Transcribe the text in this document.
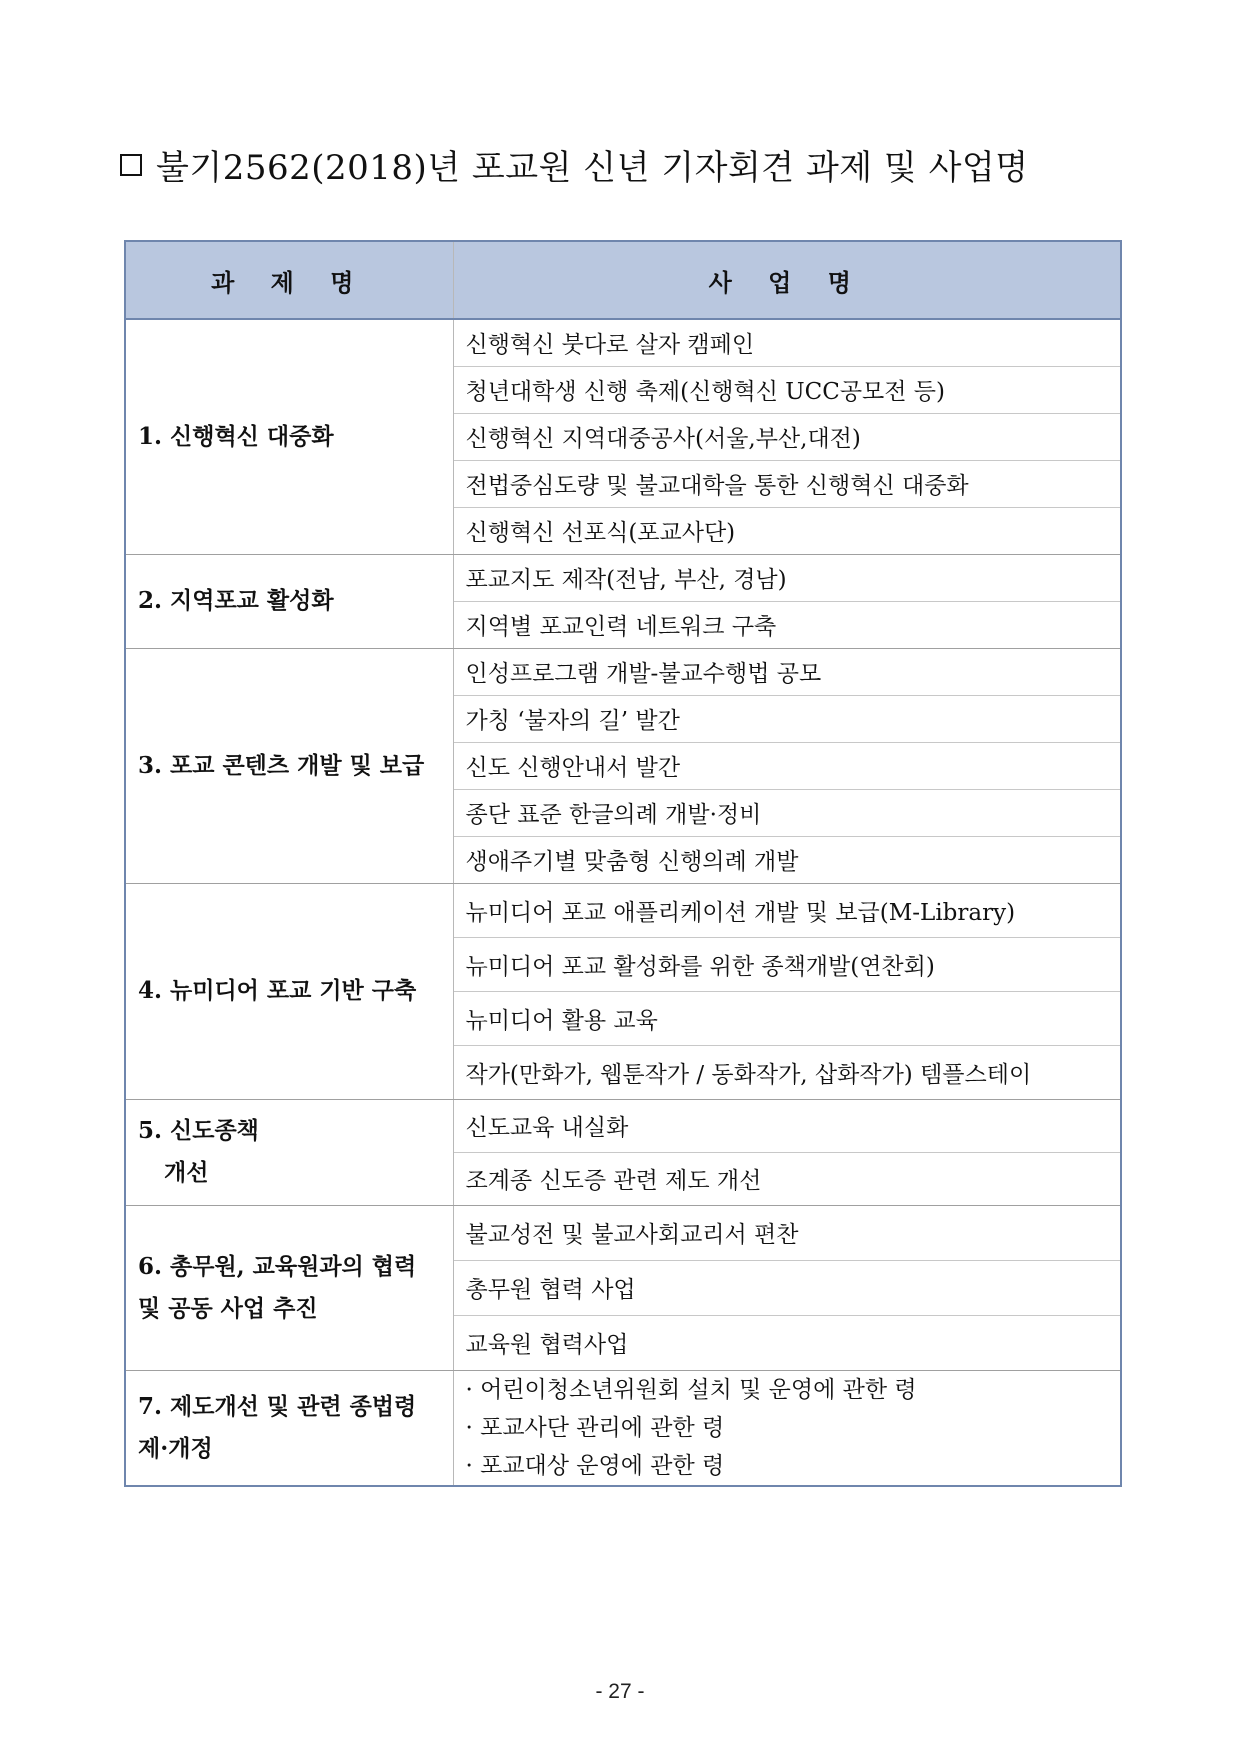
불기2562(2018)년 포교원 신년 기자회견 과제 및 사업명
과 제 명	사 업 명
1. 신행혁신 대중화	신행혁신 붓다로 살자 캠페인
	청년대학생 신행 축제(신행혁신 UCC공모전 등)
	신행혁신 지역대중공사(서울,부산,대전)
	전법중심도량 및 불교대학을 통한 신행혁신 대중화
	신행혁신 선포식(포교사단)
2. 지역포교 활성화	포교지도 제작(전남, 부산, 경남)
	지역별 포교인력 네트워크 구축
3. 포교 콘텐츠 개발 및 보급	인성프로그램 개발-불교수행법 공모
	가칭 ‘불자의 길’ 발간
	신도 신행안내서 발간
	종단 표준 한글의례 개발·정비
	생애주기별 맞춤형 신행의례 개발
4. 뉴미디어 포교 기반 구축	뉴미디어 포교 애플리케이션 개발 및 보급(M-Library)
	뉴미디어 포교 활성화를 위한 종책개발(연찬회)
	뉴미디어 활용 교육
	작가(만화가, 웹툰작가 / 동화작가, 삽화작가) 템플스테이

5. 신도종책
개선	신도교육 내실화
	조계종 신도증 관련 제도 개선
6. 총무원, 교육원과의 협력 및 공동 사업 추진	불교성전 및 불교사회교리서 편찬
	총무원 협력 사업
	교육원 협력사업
7. 제도개선 및 관련 종법령 제·개정	· 어린이청소년위원회 설치 및 운영에 관한 령
· 포교사단 관리에 관한 령
· 포교대상 운영에 관한 령
- 27 -
